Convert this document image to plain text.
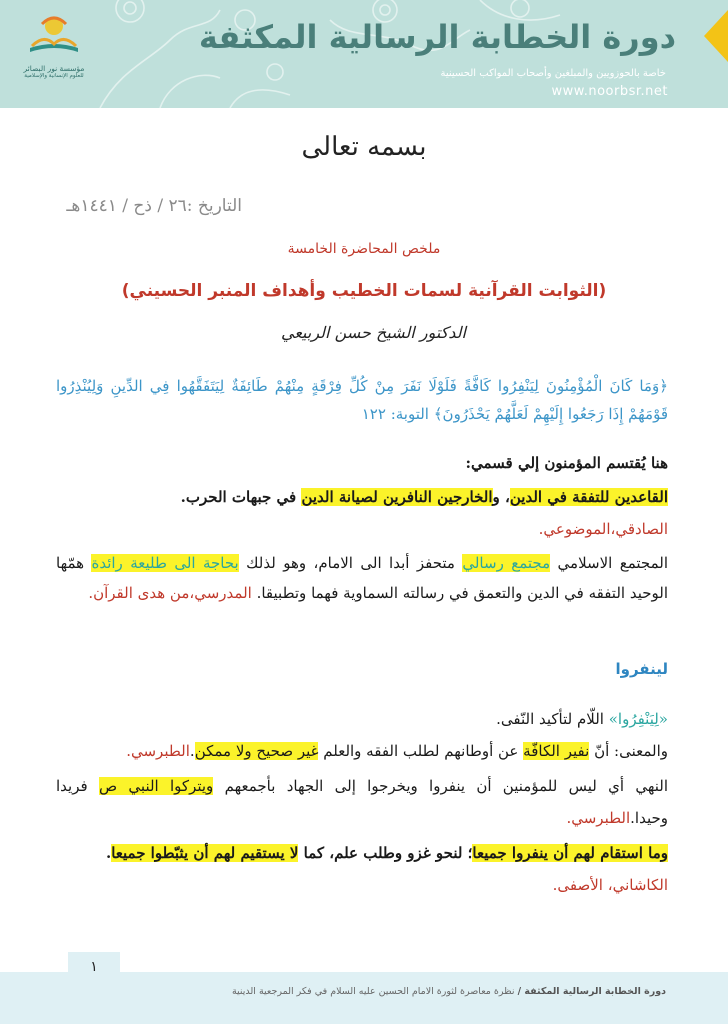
مؤسسة نور البصائر
للعلوم الإنسانية والإسلامية
دورة الخطابة الرسالية المكثفة
خاصة بالحوزويين والمبلغين وأصحاب المواكب الحسينية
www.noorbsr.net
بسمه تعالى
التاريخ :٢٦ / ذح / ١٤٤١هـ
ملخص المحاضرة الخامسة
(الثوابت القرآنية لسمات الخطيب وأهداف المنبر الحسيني)
الدكتور الشيخ حسن الربيعي
﴿وَمَا كَانَ الْمُؤْمِنُونَ لِيَنْفِرُوا كَافَّةً فَلَوْلَا نَفَرَ مِنْ كُلِّ فِرْقَةٍ مِنْهُمْ طَائِفَةٌ لِيَتَفَقَّهُوا فِي الدِّينِ وَلِيُنْذِرُوا قَوْمَهُمْ إِذَا رَجَعُوا إِلَيْهِمْ لَعَلَّهُمْ يَحْذَرُونَ﴾ التوبة: ١٢٢
هنا يُقتسم المؤمنون إلي قسمي:
القاعدين للتفقة في الدين، والخارجين النافرين لصيانة الدين في جبهات الحرب.
الصادقي،الموضوعي.
المجتمع الاسلامي مجتمع رسالي متحفز أبدا الى الامام، وهو لذلك بحاجة الى طليعة رائدة همّها الوحيد التفقه في الدين والتعمق في رسالته السماوية فهما وتطبيقا. المدرسي،من هدى القرآن.
لينفروا
«لِيَنْفِرُوا» اللّام لتأكيد النّفى.
والمعنى: أنّ نفير الكافّة عن أوطانهم لطلب الفقه والعلم غير صحيح ولا ممكن.الطبرسي.
النهي أي ليس للمؤمنين أن ينفروا ويخرجوا إلى الجهاد بأجمعهم ويتركوا النبي ص فريدا وحيدا.الطبرسي.
وما استقام لهم أن ينفروا جميعا؛ لنحو غزو وطلب علم، كما لا يستقيم لهم أن يثبّطوا جميعا.
الكاشاني، الأصفى.
١
دورة الخطابة الرسالية المكثفة / نظرة معاصرة لثورة الامام الحسين عليه السلام في فكر المرجعية الدينية
